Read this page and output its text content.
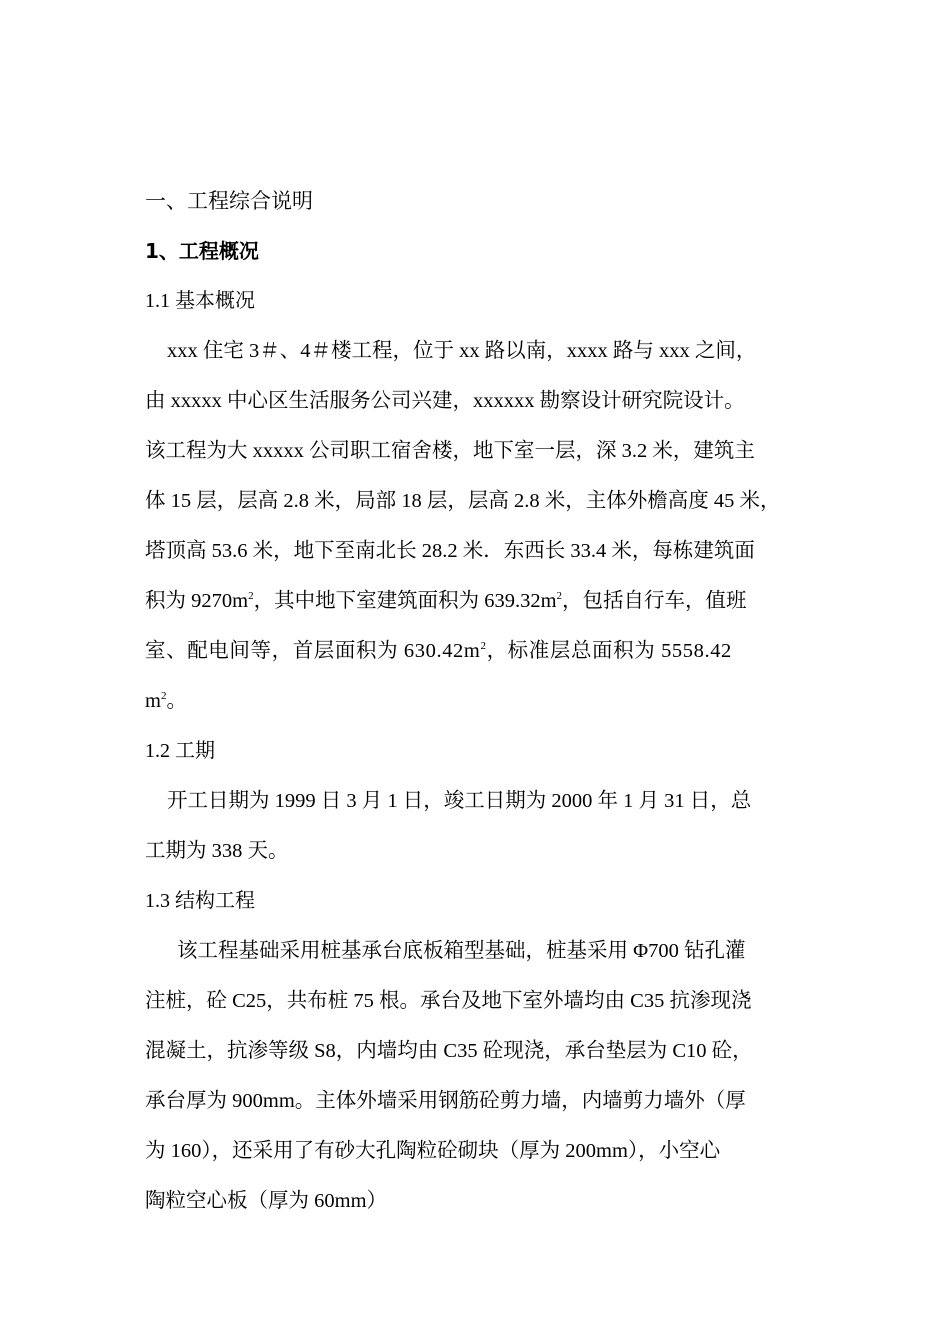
一、工程综合说明
1、工程概况
1.1 基本概况
xxx 住宅 3＃、4＃楼工程，位于 xx 路以南，xxxx 路与 xxx 之间，
由 xxxxx 中心区生活服务公司兴建，xxxxxx 勘察设计研究院设计。
该工程为大 xxxxx 公司职工宿舍楼，地下室一层，深 3.2 米，建筑主
体 15 层，层高 2.8 米，局部 18 层，层高 2.8 米，主体外檐高度 45 米，
塔顶高 53.6 米，地下至南北长 28.2 米．东西长 33.4 米，每栋建筑面
积为 $9270m^2$，其中地下室建筑面积为 $639.32m^2$，包括自行车，值班
室、配电间等，首层面积为 $630.42m^2$，标准层总面积为 5558.42
$m^2$。
1.2 工期
开工日期为 1999 日 3 月 1 日，竣工日期为 2000 年 1 月 31 日，总
工期为 338 天。
1.3 结构工程
该工程基础采用桩基承台底板箱型基础，桩基采用 Φ700 钻孔灌
注桩，砼 C25，共布桩 75 根。承台及地下室外墙均由 C35 抗渗现浇
混凝土，抗渗等级 S8，内墙均由 C35 砼现浇，承台垫层为 C10 砼，
承台厚为 900mm。主体外墙采用钢筋砼剪力墙，内墙剪力墙外（厚
为 160），还采用了有砂大孔陶粒砼砌块（厚为 200mm），小空心
陶粒空心板（厚为 60mm）
